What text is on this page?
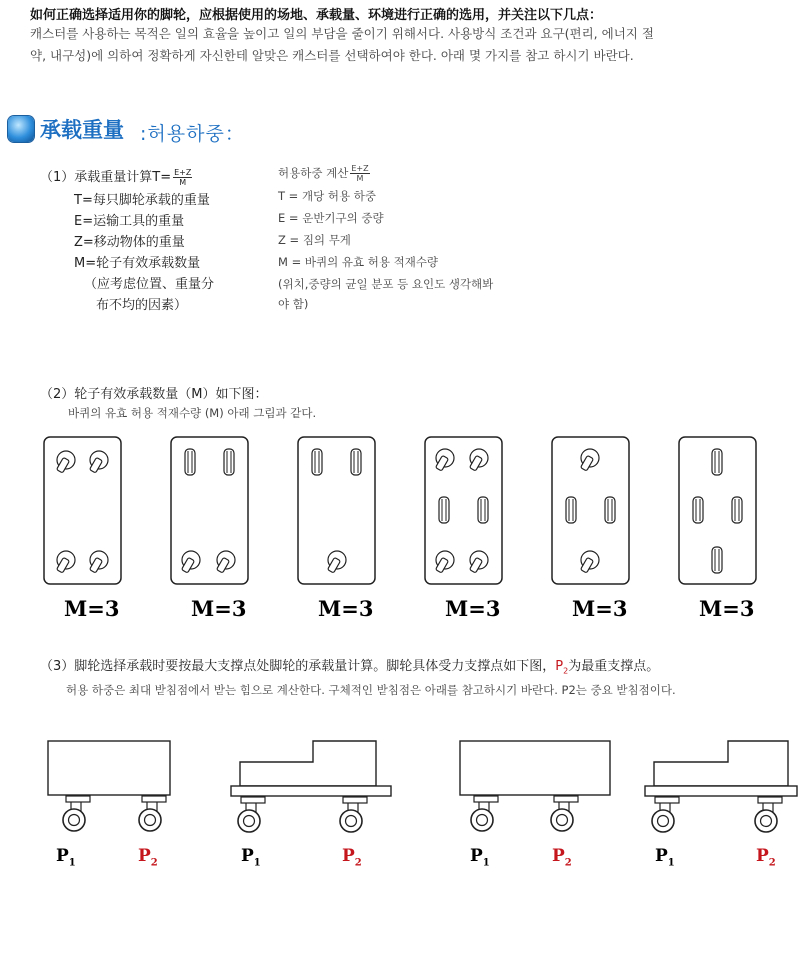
如何正确选择适用你的脚轮，应根据使用的场地、承载量、环境进行正确的选用，并关注以下几点：
캐스터를 사용하는 목적은 일의 효율을 높이고 일의 부담을 줄이기 위해서다. 사용방식 조건과 요구(편리, 에너지 절
약, 내구성)에 의하여 정확하게 자신한테 알맞은 캐스터를 선택하여야 한다. 아래 몇 가지를 참고 하시기 바란다.
承载重量 :허용하중：
（1）承载重量计算$T= \frac{E+Z}{M}$
T=每只脚轮承载的重量
E=运输工具的重量
Z=移动物体的重量
M=轮子有效承载数量
（应考虑位置、重量分
布不均的因素）
허용하중 계산 $\frac{E+Z}{M}$
T = 개당 허용 하중
E = 운반기구의 중량
Z = 짐의 무게
M = 바퀴의 유효 허용 적재수량
(위치,중량의 균일 분포 등 요인도 생각해봐
야 함)
（2）轮子有效承载数量（M）如下图：
바퀴의 유효 허용 적재수량 (M) 아래 그림과 같다.
M=3	M=3	M=3	M=3	M=3	M=3
（3）脚轮选择承载时要按最大支撑点处脚轮的承载量计算。脚轮具体受力支撑点如下图，$P_2$为最重支撑点。
허용 하중은 최대 받침점에서 받는 힘으로 계산한다. 구체적인 받침점은 아래를 참고하시기 바란다. P2는 중요 받침점이다.
$P_1$	$P_2$	$P_1$	$P_2$	$P_1$	$P_2$	$P_1$	$P_2$
